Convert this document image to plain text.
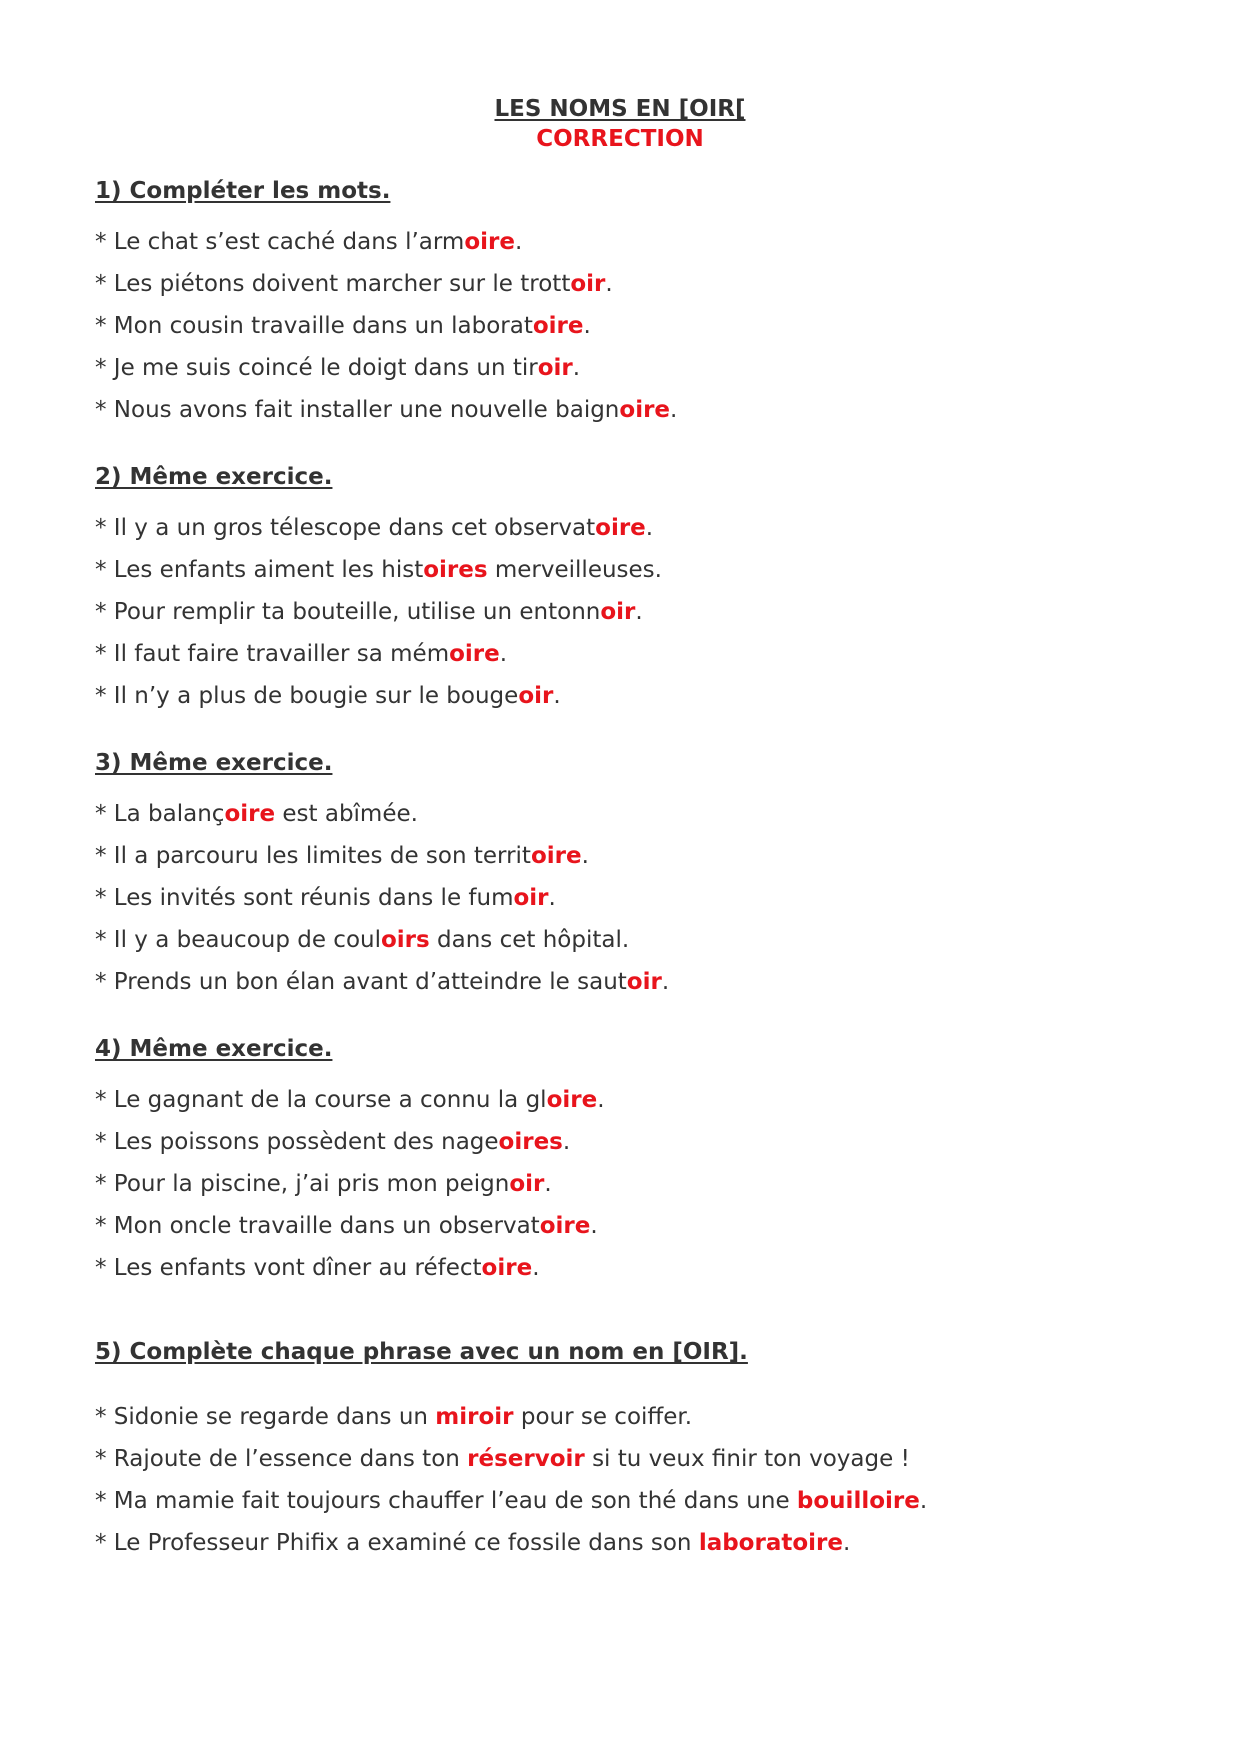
LES NOMS EN [OIR[
CORRECTION
1) Compléter les mots.
* Le chat s’est caché dans l’armoire.
* Les piétons doivent marcher sur le trottoir.
* Mon cousin travaille dans un laboratoire.
* Je me suis coincé le doigt dans un tiroir.
* Nous avons fait installer une nouvelle baignoire.
2) Même exercice.
* Il y a un gros télescope dans cet observatoire.
* Les enfants aiment les histoires merveilleuses.
* Pour remplir ta bouteille, utilise un entonnoir.
* Il faut faire travailler sa mémoire.
* Il n’y a plus de bougie sur le bougeoir.
3) Même exercice.
* La balançoire est abîmée.
* Il a parcouru les limites de son territoire.
* Les invités sont réunis dans le fumoir.
* Il y a beaucoup de couloirs dans cet hôpital.
* Prends un bon élan avant d’atteindre le sautoir.
4) Même exercice.
* Le gagnant de la course a connu la gloire.
* Les poissons possèdent des nageoires.
* Pour la piscine, j’ai pris mon peignoir.
* Mon oncle travaille dans un observatoire.
* Les enfants vont dîner au réfectoire.
5) Complète chaque phrase avec un nom en [OIR].
* Sidonie se regarde dans un miroir pour se coiffer.
* Rajoute de l’essence dans ton réservoir si tu veux finir ton voyage !
* Ma mamie fait toujours chauffer l’eau de son thé dans une bouilloire.
* Le Professeur Phifix a examiné ce fossile dans son laboratoire.
